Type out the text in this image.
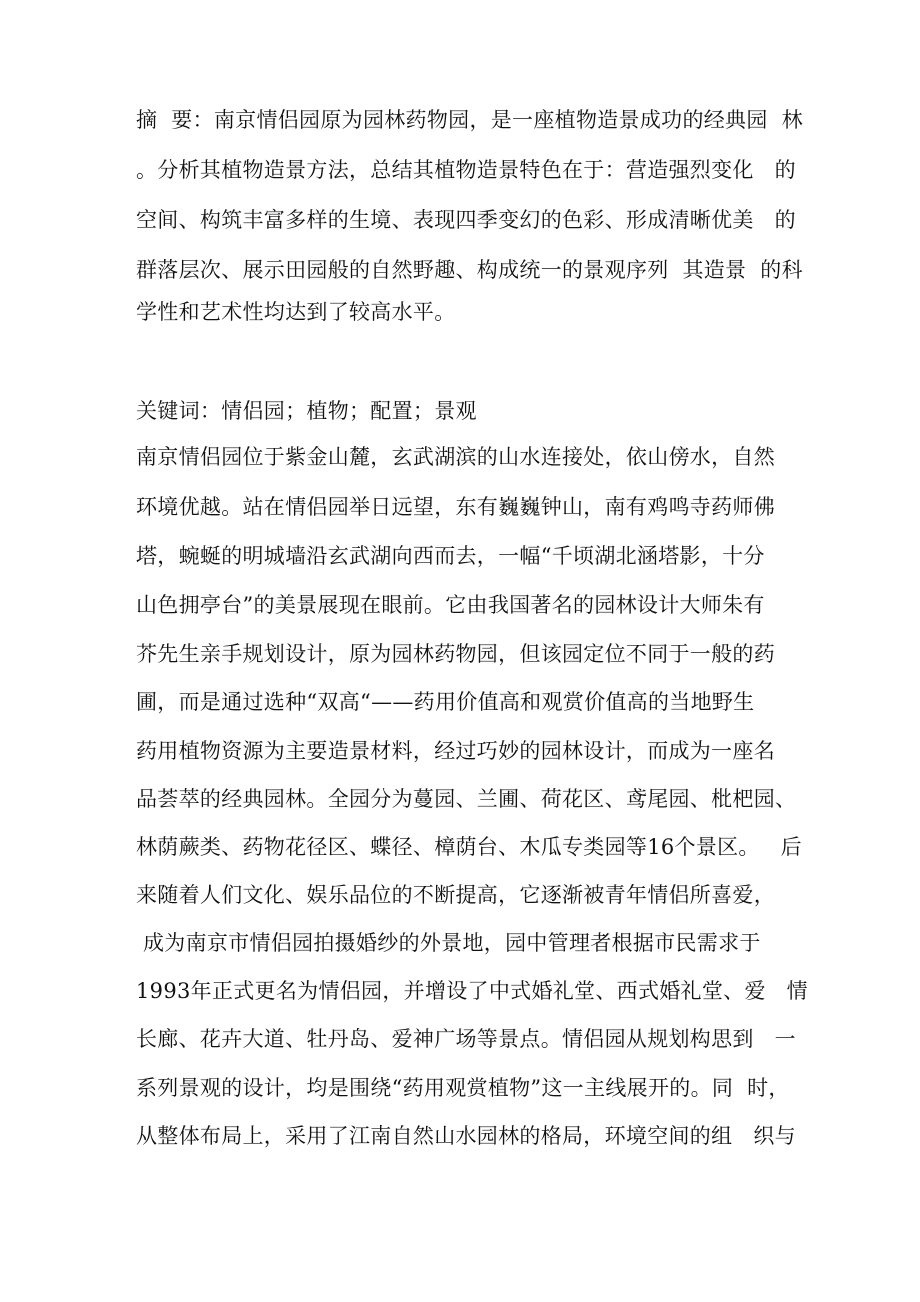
摘  要：南京情侣园原为园林药物园，是一座植物造景成功的经典园  林
。分析其植物造景方法，总结其植物造景特色在于：营造强烈变化   的
空间、构筑丰富多样的生境、表现四季变幻的色彩、形成清晰优美   的
群落层次、展示田园般的自然野趣、构成统一的景观序列  其造景  的科
学性和艺术性均达到了较高水平。
关键词：情侣园；植物；配置；景观
南京情侣园位于紫金山麓，玄武湖滨的山水连接处，依山傍水，自然
环境优越。站在情侣园举日远望，东有巍巍钟山，南有鸡鸣寺药师佛
塔，蜿蜒的明城墙沿玄武湖向西而去，一幅“千顷湖北涵塔影，十分
山色拥亭台”的美景展现在眼前。它由我国著名的园林设计大师朱有
芥先生亲手规划设计，原为园林药物园，但该园定位不同于一般的药
圃，而是通过选种“双高“——药用价值高和观赏价值高的当地野生
药用植物资源为主要造景材料，经过巧妙的园林设计，而成为一座名
品荟萃的经典园林。全园分为蔓园、兰圃、荷花区、鸢尾园、枇杷园、
林荫蕨类、药物花径区、蝶径、樟荫台、木瓜专类园等16个景区。   后
来随着人们文化、娱乐品位的不断提高，它逐渐被青年情侣所喜爱，
成为南京市情侣园拍摄婚纱的外景地，园中管理者根据市民需求于
1993年正式更名为情侣园，并增设了中式婚礼堂、西式婚礼堂、爱   情
长廊、花卉大道、牡丹岛、爱神广场等景点。情侣园从规划构思到   一
系列景观的设计，均是围绕“药用观赏植物”这一主线展开的。同  时，
从整体布局上，采用了江南自然山水园林的格局，环境空间的组   织与
